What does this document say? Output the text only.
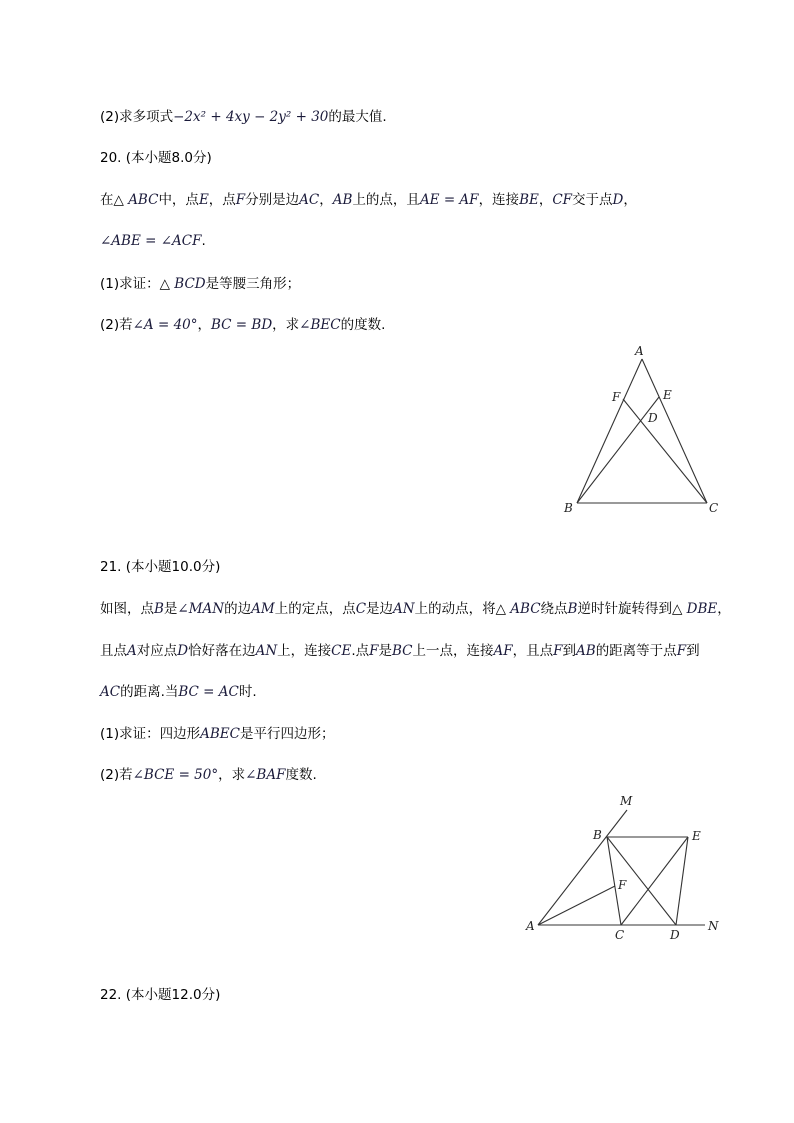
(2)求多项式−2x² + 4xy − 2y² + 30的最大值.
20. (本小题8.0分)
在△ ABC中，点E，点F分别是边AC，AB上的点，且AE = AF，连接BE，CF交于点D，
∠ABE = ∠ACF.
(1)求证：△ BCD是等腰三角形；
(2)若∠A = 40°，BC = BD，求∠BEC的度数.
21. (本小题10.0分)
如图，点B是∠MAN的边AM上的定点，点C是边AN上的动点，将△ ABC绕点B逆时针旋转得到△ DBE，
且点A对应点D恰好落在边AN上，连接CE.点F是BC上一点，连接AF，且点F到AB的距离等于点F到
AC的距离.当BC = AC时.
(1)求证：四边形ABEC是平行四边形；
(2)若∠BCE = 50°，求∠BAF度数.
22. (本小题12.0分)
A
F	E
D
B	C
M
B	E
F
A
C	D
N
